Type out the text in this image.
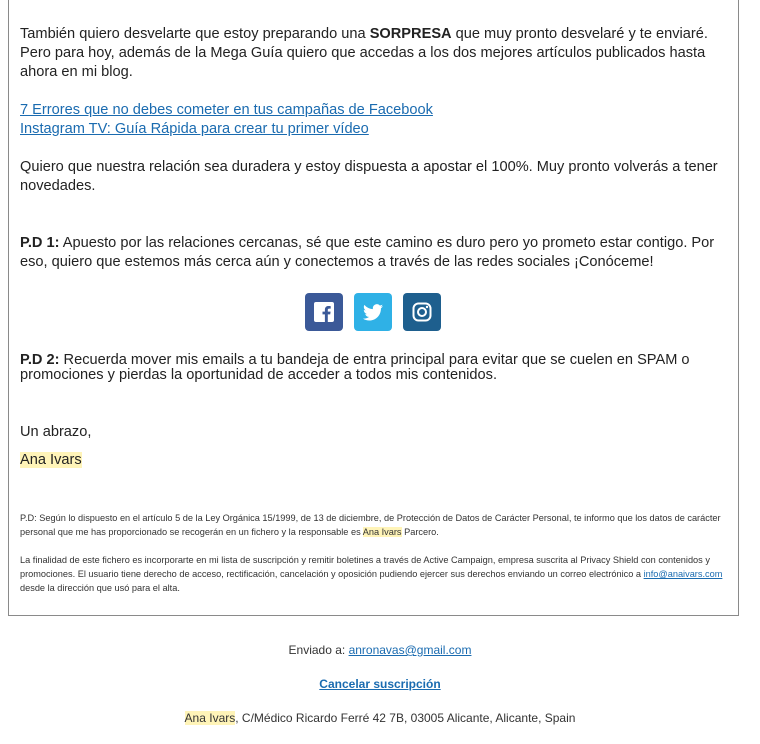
También quiero desvelarte que estoy preparando una SORPRESA que muy pronto desvelaré y te enviaré. Pero para hoy, además de la Mega Guía quiero que accedas a los dos mejores artículos publicados hasta ahora en mi blog.

7 Errores que no debes cometer en tus campañas de Facebook

Instagram TV: Guía Rápida para crear tu primer vídeo

Quiero que nuestra relación sea duradera y estoy dispuesta a apostar el 100%. Muy pronto volverás a tener novedades.

P.D 1: Apuesto por las relaciones cercanas, sé que este camino es duro pero yo prometo estar contigo. Por eso, quiero que estemos más cerca aún y conectemos a través de las redes sociales ¡Conóceme!

P.D 2: Recuerda mover mis emails a tu bandeja de entra principal para evitar que se cuelen en SPAM o promociones y pierdas la oportunidad de acceder a todos mis contenidos.

Un abrazo,

Ana Ivars

P.D: Según lo dispuesto en el artículo 5 de la Ley Orgánica 15/1999, de 13 de diciembre, de Protección de Datos de Carácter Personal, te informo que los datos de carácter personal que me has proporcionado se recogerán en un fichero y la responsable es Ana Ivars Parcero.

La finalidad de este fichero es incorporarte en mi lista de suscripción y remitir boletines a través de Active Campaign, empresa suscrita al Privacy Shield con contenidos y promociones. El usuario tiene derecho de acceso, rectificación, cancelación y oposición pudiendo ejercer sus derechos enviando un correo electrónico a info@anaivars.com desde la dirección que usó para el alta.

Enviado a: anronavas@gmail.com
Cancelar suscripción
Ana Ivars, C/Médico Ricardo Ferré 42 7B, 03005 Alicante, Alicante, Spain
